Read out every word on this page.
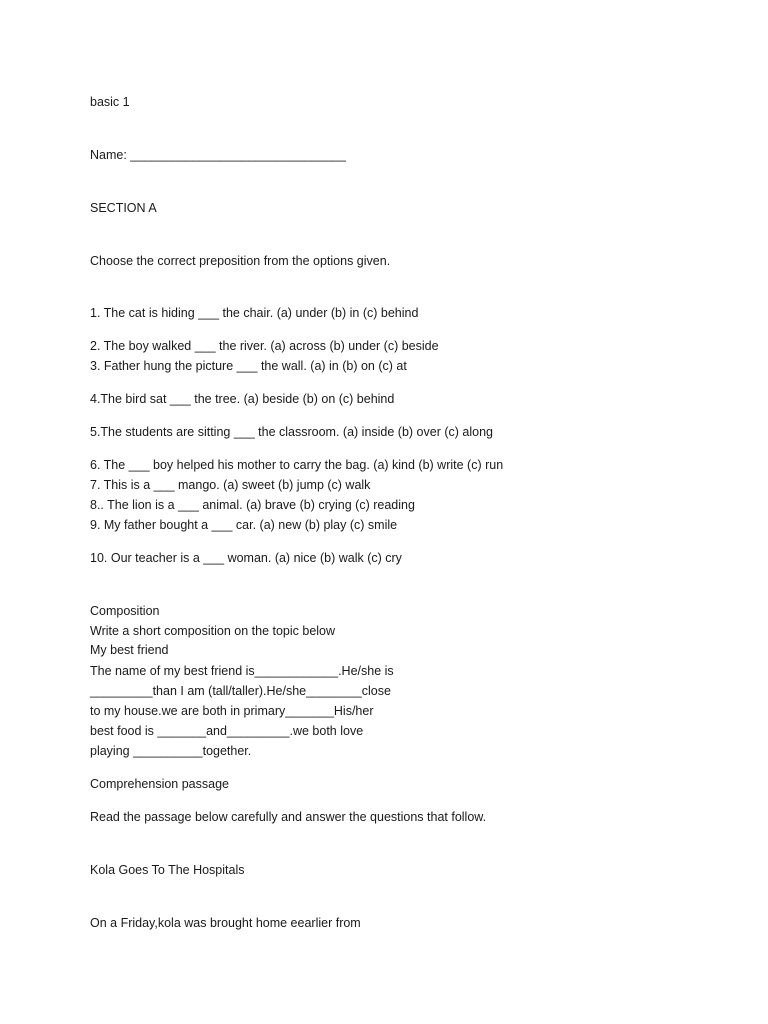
basic 1
Name: _______________________________
SECTION A
Choose the correct preposition from the options given.
1. The cat is hiding ___ the chair. (a) under (b) in (c) behind
2. The boy walked ___ the river. (a) across (b) under (c) beside
3. Father hung the picture ___ the wall. (a) in (b) on (c) at
4.The bird sat ___ the tree. (a) beside (b) on (c) behind
5.The students are sitting ___ the classroom. (a) inside (b) over (c) along
6. The ___ boy helped his mother to carry the bag. (a) kind (b) write (c) run
7. This is a ___ mango. (a) sweet (b) jump (c) walk
8.. The lion is a ___ animal. (a) brave (b) crying (c) reading
9. My father bought a ___ car. (a) new (b) play (c) smile
10. Our teacher is a ___ woman. (a) nice (b) walk (c) cry
Composition
Write a short composition on the topic below
My best friend
The name of my best friend is____________.He/she is
_________than I am (tall/taller).He/she________close
to my house.we are both in primary_______His/her
best food is _______and_________.we both love
playing __________together.
Comprehension passage
Read the passage below carefully and answer the questions that follow.
Kola Goes To The Hospitals
On a Friday,kola was brought home eearlier from
